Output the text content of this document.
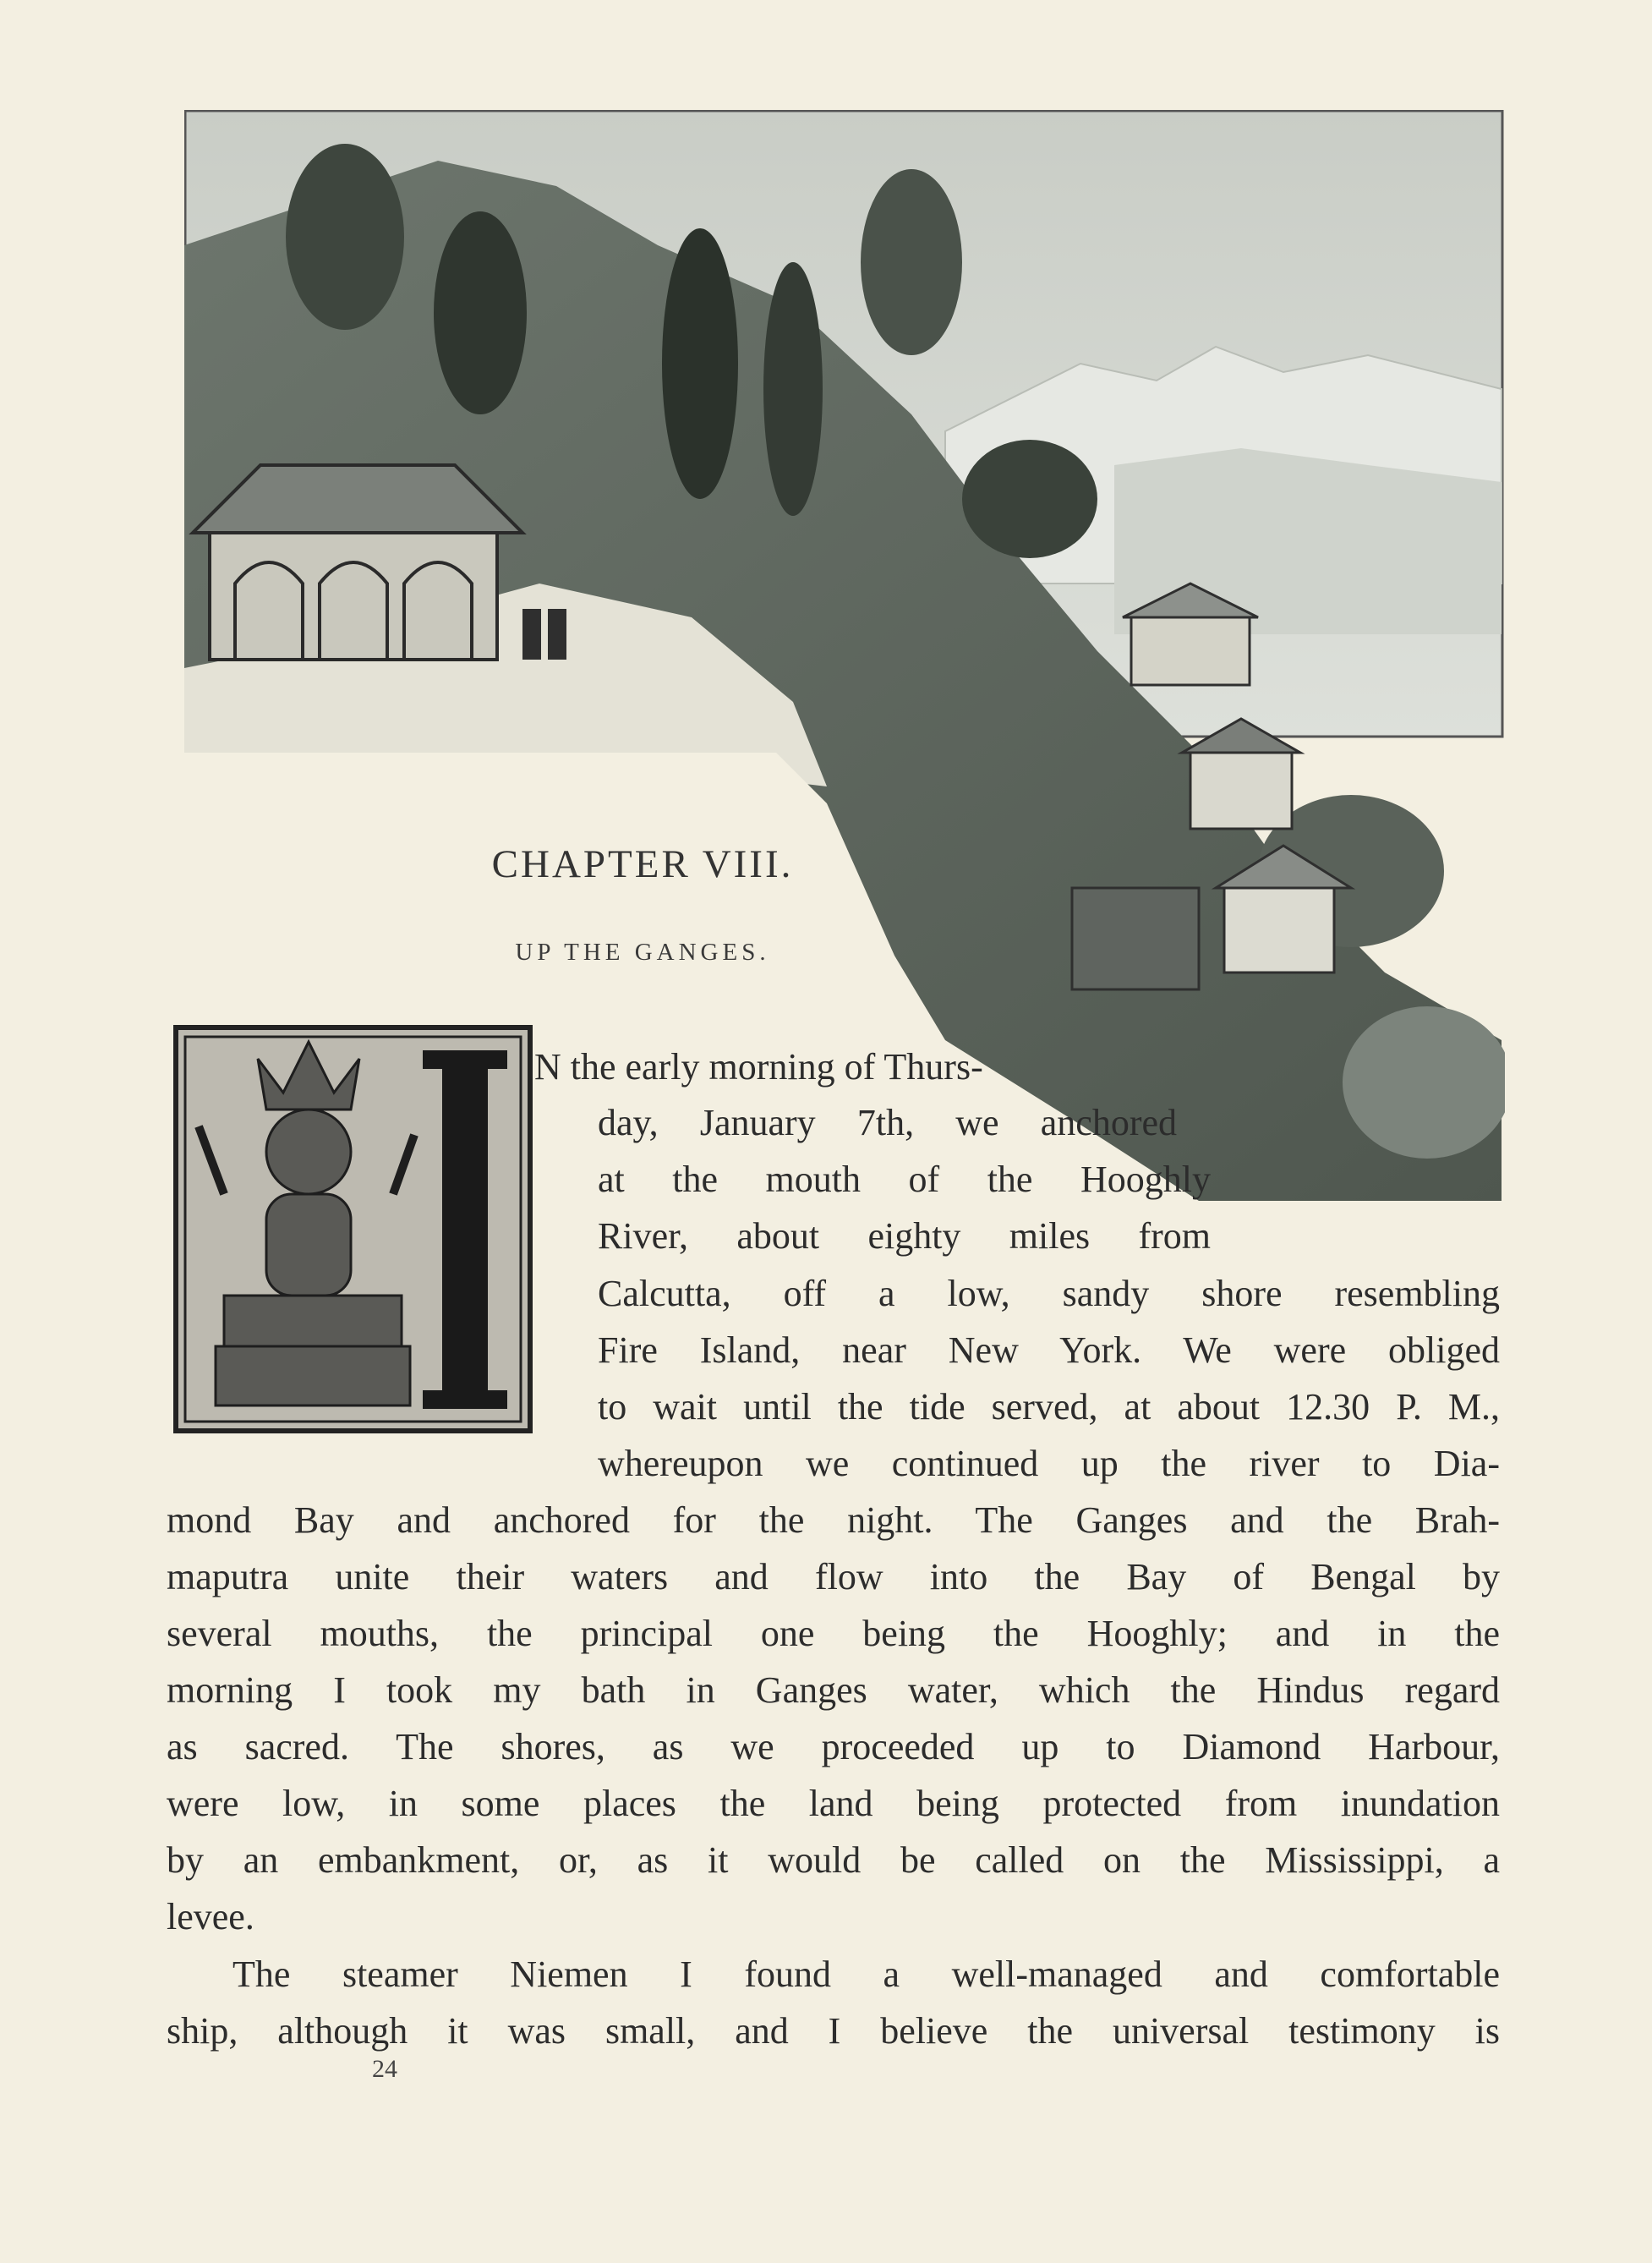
CHAPTER VIII.
UP THE GANGES.
N the early morning of Thurs-
day, January 7th, we anchored
at the mouth of the Hooghly
River, about eighty miles from
Calcutta, off a low, sandy shore resembling
Fire Island, near New York. We were obliged
to wait until the tide served, at about 12.30 P. M.,
whereupon we continued up the river to Dia-
mond Bay and anchored for the night. The Ganges and the Brah-
maputra unite their waters and flow into the Bay of Bengal by
several mouths, the principal one being the Hooghly; and in the
morning I took my bath in Ganges water, which the Hindus regard
as sacred. The shores, as we proceeded up to Diamond Harbour,
were low, in some places the land being protected from inundation
by an embankment, or, as it would be called on the Mississippi, a
levee.
The steamer Niemen I found a well-managed and comfortable
ship, although it was small, and I believe the universal testimony is
24
